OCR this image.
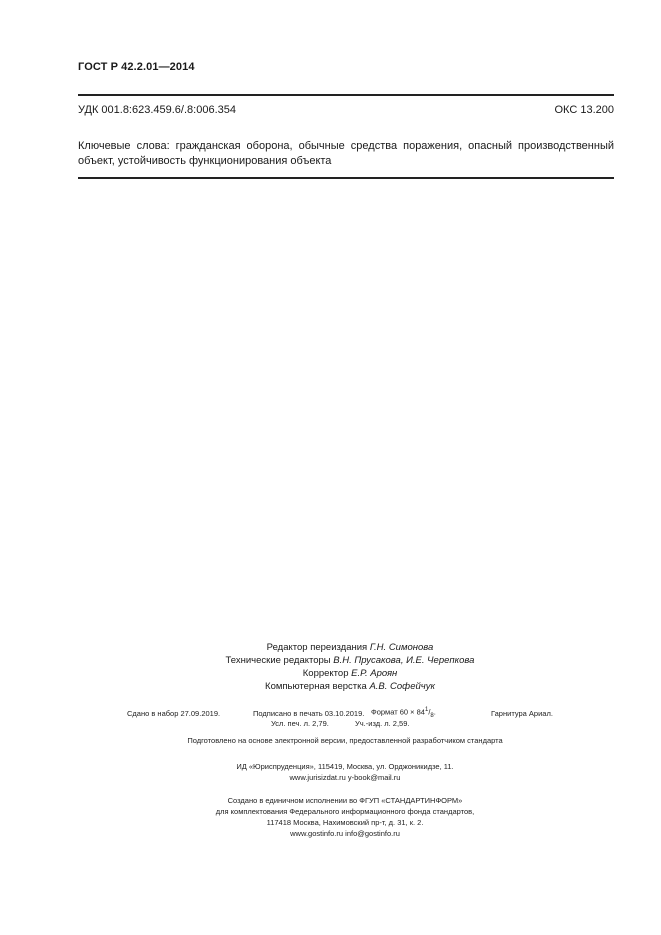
ГОСТ Р 42.2.01—2014
УДК 001.8:623.459.6/.8:006.354	ОКС 13.200
Ключевые слова: гражданская оборона, обычные средства поражения, опасный производственный объект, устойчивость функционирования объекта
Редактор переиздания Г.Н. Симонова
Технические редакторы В.Н. Прусакова, И.Е. Черепкова
Корректор Е.Р. Ароян
Компьютерная верстка А.В. Софейчук
Сдано в набор 27.09.2019.	Подписано в печать 03.10.2019. Формат $60 \times 84^1/_8$.	Гарнитура Ариал.
Усл. печ. л. 2,79.	Уч.-изд. л. 2,59.
Подготовлено на основе электронной версии, предоставленной разработчиком стандарта
ИД «Юриспруденция», 115419, Москва, ул. Орджоникидзе, 11.
www.jurisizdat.ru y-book@mail.ru
Создано в единичном исполнении во ФГУП «СТАНДАРТИНФОРМ»
для комплектования Федерального информационного фонда стандартов,
117418 Москва, Нахимовский пр-т, д. 31, к. 2.
www.gostinfo.ru info@gostinfo.ru
